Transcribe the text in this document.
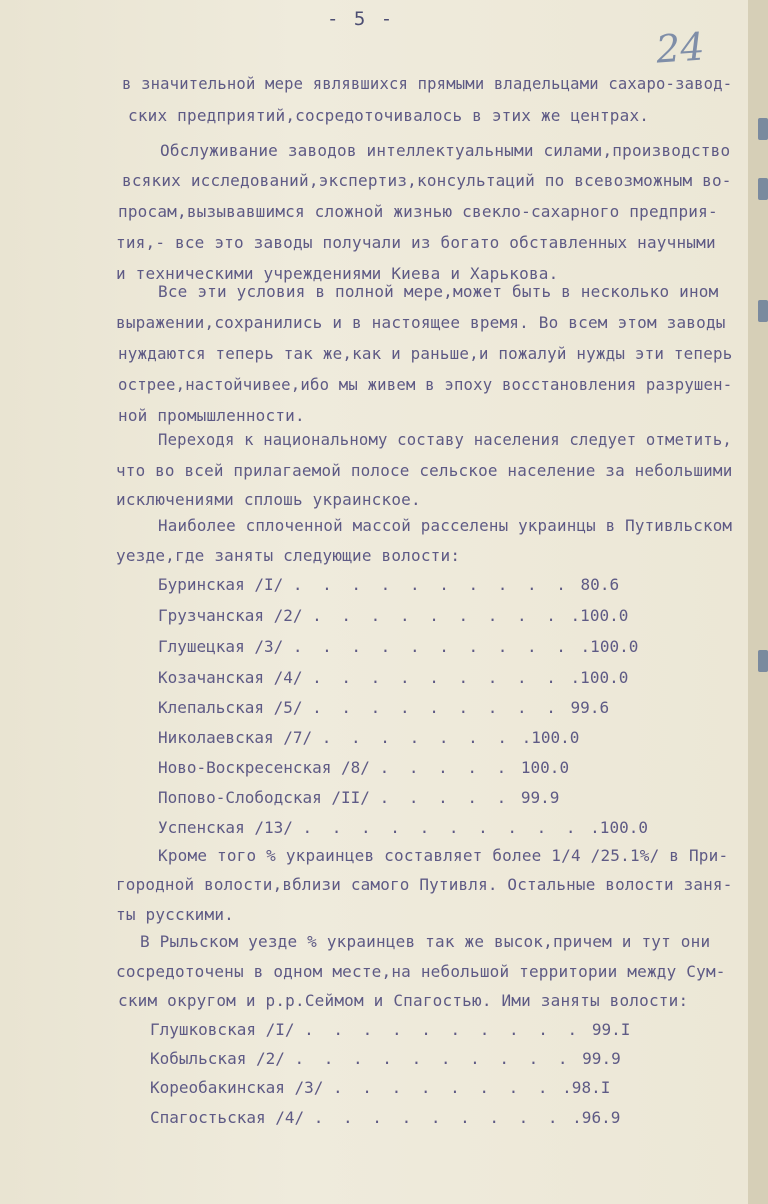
- 5 -
24
в значительной мере являвшихся прямыми владельцами сахаро-завод-
ских предприятий,сосредоточивалось в этих же центрах.
Обслуживание заводов интеллектуальными силами,производство
всяких исследований,экспертиз,консультаций по всевозможным во-
просам,вызывавшимся сложной жизнью свекло-сахарного предприя-
тия,- все это заводы получали из богато обставленных научными
и техническими учреждениями Киева и Харькова.
Все эти условия в полной мере,может быть в несколько ином
выражении,сохранились и в настоящее время. Во всем этом заводы
нуждаются теперь так же,как и раньше,и пожалуй нужды эти теперь
острее,настойчивее,ибо мы живем в эпоху восстановления разрушен-
ной промышленности.
Переходя к национальному составу населения следует отметить,
что во всей прилагаемой полосе сельское население за небольшими
исключениями сплошь украинское.
Наиболее сплоченной массой расселены украинцы в Путивльском
уезде,где заняты следующие волости:
Буринская /I/ . . . . . . . . . . 80.6
Грузчанская /2/ . . . . . . . . . .100.0
Глушецкая /3/ . . . . . . . . . . .100.0
Козачанская /4/ . . . . . . . . . .100.0
Клепальская /5/ . . . . . . . . . 99.6
Николаевская /7/ . . . . . . . .100.0
Ново-Воскресенская /8/ . . . . . 100.0
Попово-Слободская /II/ . . . . . 99.9
Успенская /13/ . . . . . . . . . . .100.0
Кроме того % украинцев составляет более 1/4 /25.1%/ в При-
городной волости,вблизи самого Путивля. Остальные волости заня-
ты русскими.
В Рыльском уезде % украинцев так же высок,причем и тут они
сосредоточены в одном месте,на небольшой территории между Сум-
ским округом и р.р.Сеймом и Спагостью. Ими заняты волости:
Глушковская /I/ . . . . . . . . . . 99.I
Кобыльская /2/ . . . . . . . . . . 99.9
Кореобакинская /3/ . . . . . . . . .98.I
Спагостьская /4/ . . . . . . . . . .96.9
